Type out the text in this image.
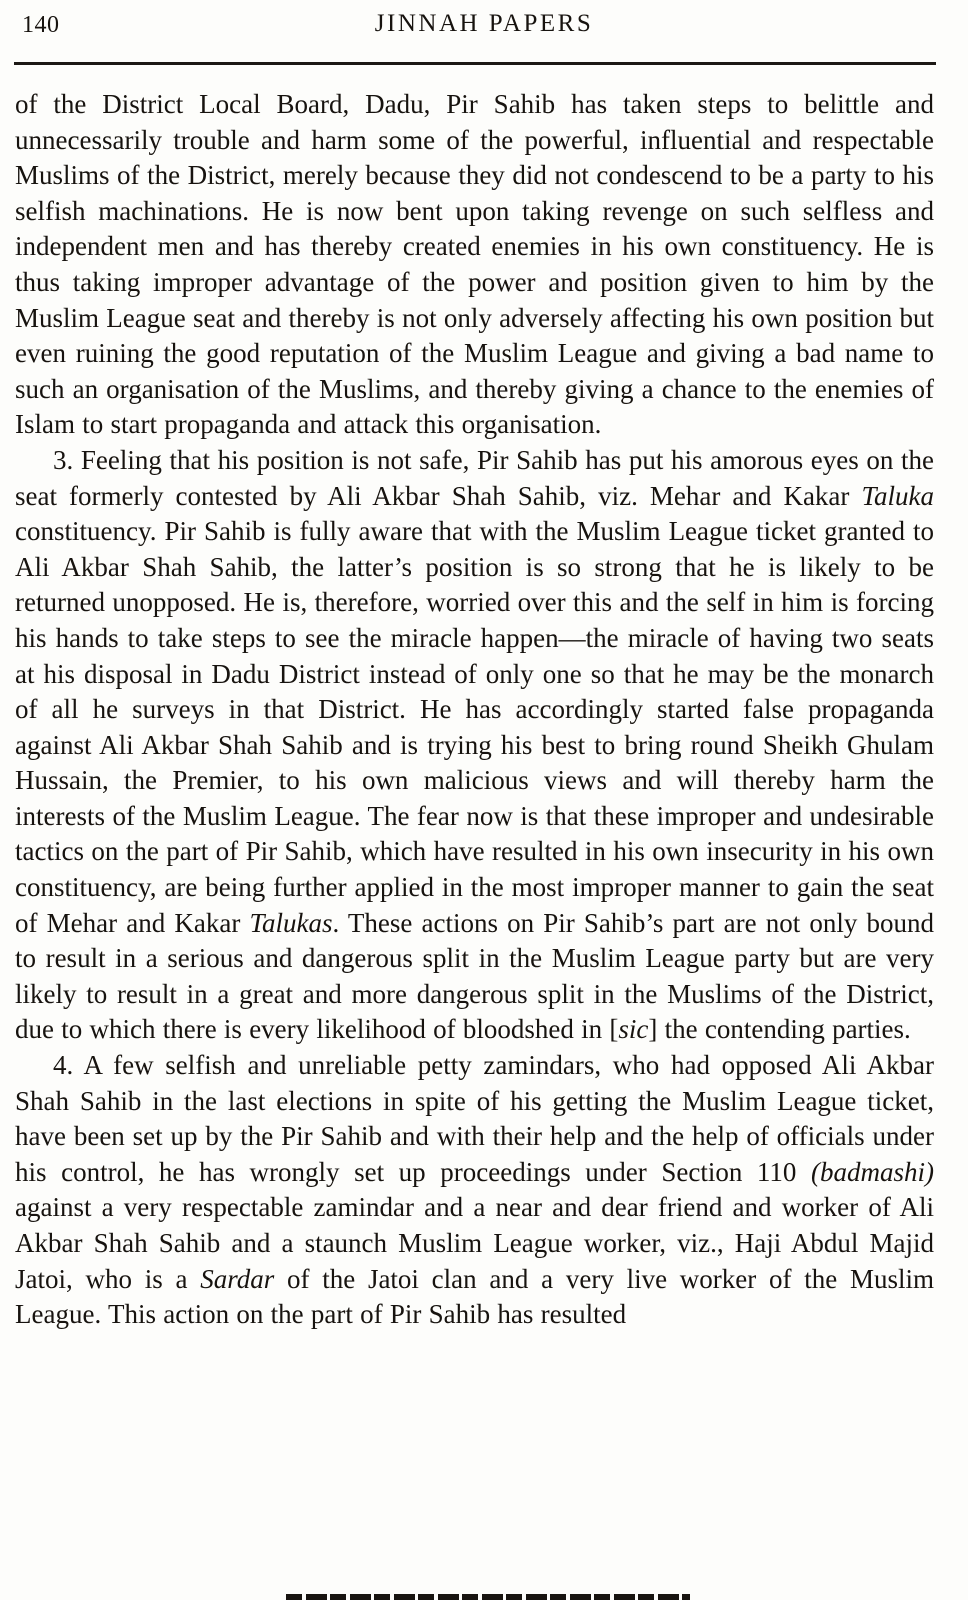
140	JINNAH PAPERS

of the District Local Board, Dadu, Pir Sahib has taken steps to belittle and unnecessarily trouble and harm some of the powerful, influential and respectable Muslims of the District, merely because they did not condescend to be a party to his selfish machinations. He is now bent upon taking revenge on such selfless and independent men and has thereby created enemies in his own constituency. He is thus taking improper advantage of the power and position given to him by the Muslim League seat and thereby is not only adversely affecting his own position but even ruining the good reputation of the Muslim League and giving a bad name to such an organisation of the Muslims, and thereby giving a chance to the enemies of Islam to start propaganda and attack this organisation.

3. Feeling that his position is not safe, Pir Sahib has put his amorous eyes on the seat formerly contested by Ali Akbar Shah Sahib, viz. Mehar and Kakar Taluka constituency. Pir Sahib is fully aware that with the Muslim League ticket granted to Ali Akbar Shah Sahib, the latter’s position is so strong that he is likely to be returned unopposed. He is, therefore, worried over this and the self in him is forcing his hands to take steps to see the miracle happen—the miracle of having two seats at his disposal in Dadu District instead of only one so that he may be the monarch of all he surveys in that District. He has accordingly started false propaganda against Ali Akbar Shah Sahib and is trying his best to bring round Sheikh Ghulam Hussain, the Premier, to his own malicious views and will thereby harm the interests of the Muslim League. The fear now is that these improper and undesirable tactics on the part of Pir Sahib, which have resulted in his own insecurity in his own constituency, are being further applied in the most improper manner to gain the seat of Mehar and Kakar Talukas. These actions on Pir Sahib’s part are not only bound to result in a serious and dangerous split in the Muslim League party but are very likely to result in a great and more dangerous split in the Muslims of the District, due to which there is every likelihood of bloodshed in [sic] the contending parties.

4. A few selfish and unreliable petty zamindars, who had opposed Ali Akbar Shah Sahib in the last elections in spite of his getting the Muslim League ticket, have been set up by the Pir Sahib and with their help and the help of officials under his control, he has wrongly set up proceedings under Section 110 (badmashi) against a very respectable zamindar and a near and dear friend and worker of Ali Akbar Shah Sahib and a staunch Muslim League worker, viz., Haji Abdul Majid Jatoi, who is a Sardar of the Jatoi clan and a very live worker of the Muslim League. This action on the part of Pir Sahib has resulted
